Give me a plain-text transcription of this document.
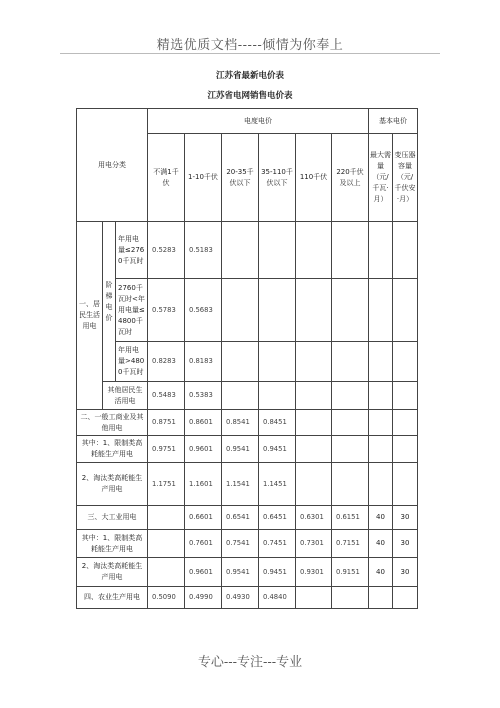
精选优质文档-----倾情为你奉上
江苏省最新电价表
江苏省电网销售电价表
用电分类			电度电价						基本电价	
			不满1千伏	1-10千伏	20-35千伏以下	35-110千伏以下	110千伏	220千伏及以上	最大需量（元/千瓦·月）	变压器容量（元/千伏安·月）
一、居民生活用电	阶梯电价	年用电量≤2760千瓦时	0.5283	0.5183						
		2760千瓦时<年用电量≤4800千瓦时	0.5783	0.5683						
		年用电量>4800千瓦时	0.8283	0.8183						
	其他居民生活用电		0.5483	0.5383						
二、一般工商业及其他用电			0.8751	0.8601	0.8541	0.8451				
其中：1、限制类高耗能生产用电			0.9751	0.9601	0.9541	0.9451				
2、淘汰类高耗能生产用电			1.1751	1.1601	1.1541	1.1451				
三、大工业用电				0.6601	0.6541	0.6451	0.6301	0.6151	40	30
其中：1、限制类高耗能生产用电				0.7601	0.7541	0.7451	0.7301	0.7151	40	30
2、淘汰类高耗能生产用电				0.9601	0.9541	0.9451	0.9301	0.9151	40	30
四、农业生产用电			0.5090	0.4990	0.4930	0.4840				
专心---专注---专业
